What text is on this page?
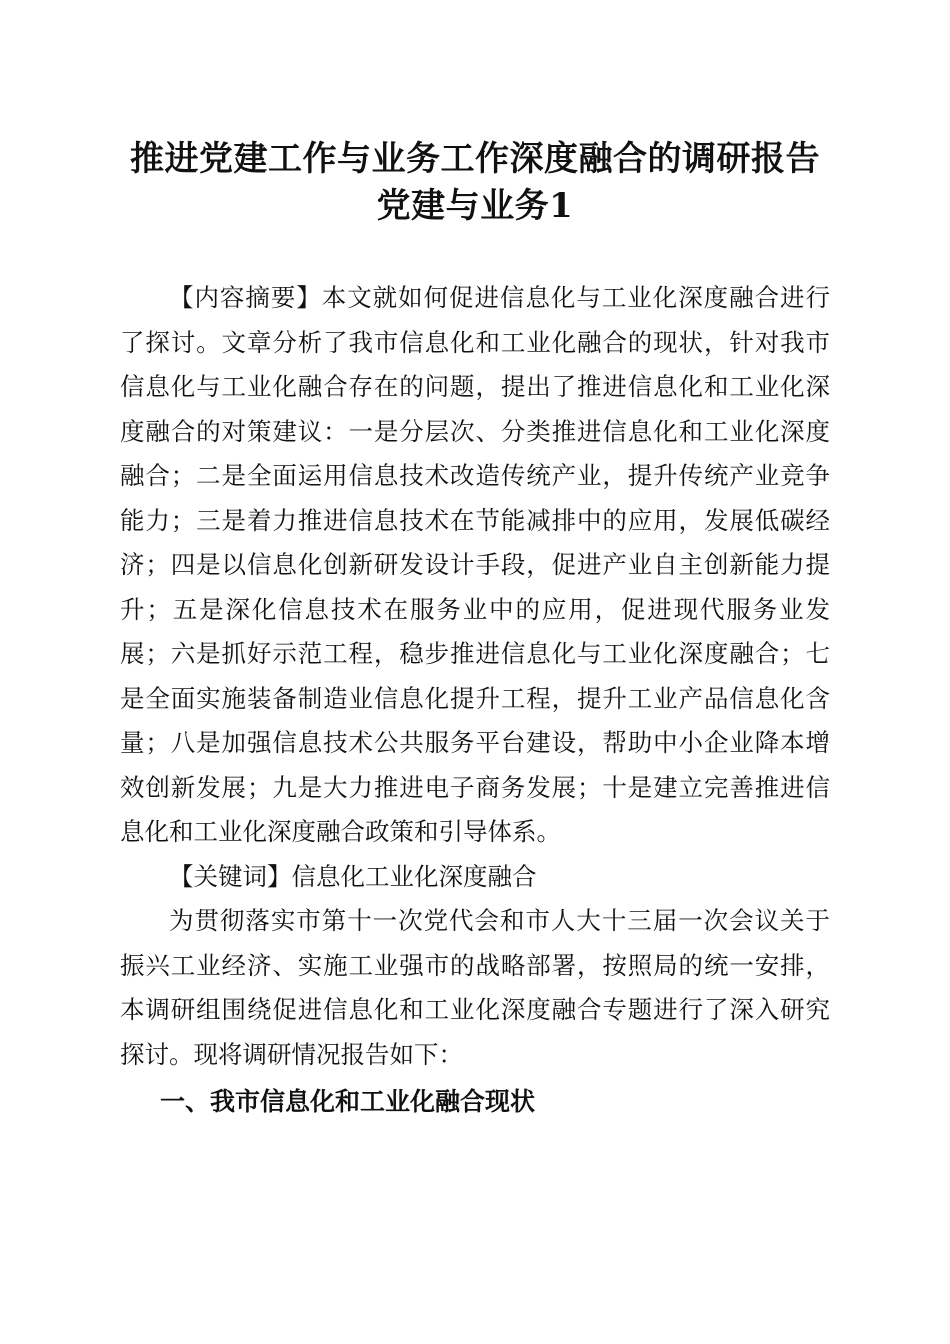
推进党建工作与业务工作深度融合的调研报告
党建与业务1

【内容摘要】本文就如何促进信息化与工业化深度融合进行了探讨。文章分析了我市信息化和工业化融合的现状，针对我市信息化与工业化融合存在的问题，提出了推进信息化和工业化深度融合的对策建议：一是分层次、分类推进信息化和工业化深度融合；二是全面运用信息技术改造传统产业，提升传统产业竞争能力；三是着力推进信息技术在节能减排中的应用，发展低碳经济；四是以信息化创新研发设计手段，促进产业自主创新能力提升；五是深化信息技术在服务业中的应用，促进现代服务业发展；六是抓好示范工程，稳步推进信息化与工业化深度融合；七是全面实施装备制造业信息化提升工程，提升工业产品信息化含量；八是加强信息技术公共服务平台建设，帮助中小企业降本增效创新发展；九是大力推进电子商务发展；十是建立完善推进信息化和工业化深度融合政策和引导体系。

【关键词】信息化工业化深度融合

为贯彻落实市第十一次党代会和市人大十三届一次会议关于振兴工业经济、实施工业强市的战略部署，按照局的统一安排，本调研组围绕促进信息化和工业化深度融合专题进行了深入研究探讨。现将调研情况报告如下：

一、我市信息化和工业化融合现状
